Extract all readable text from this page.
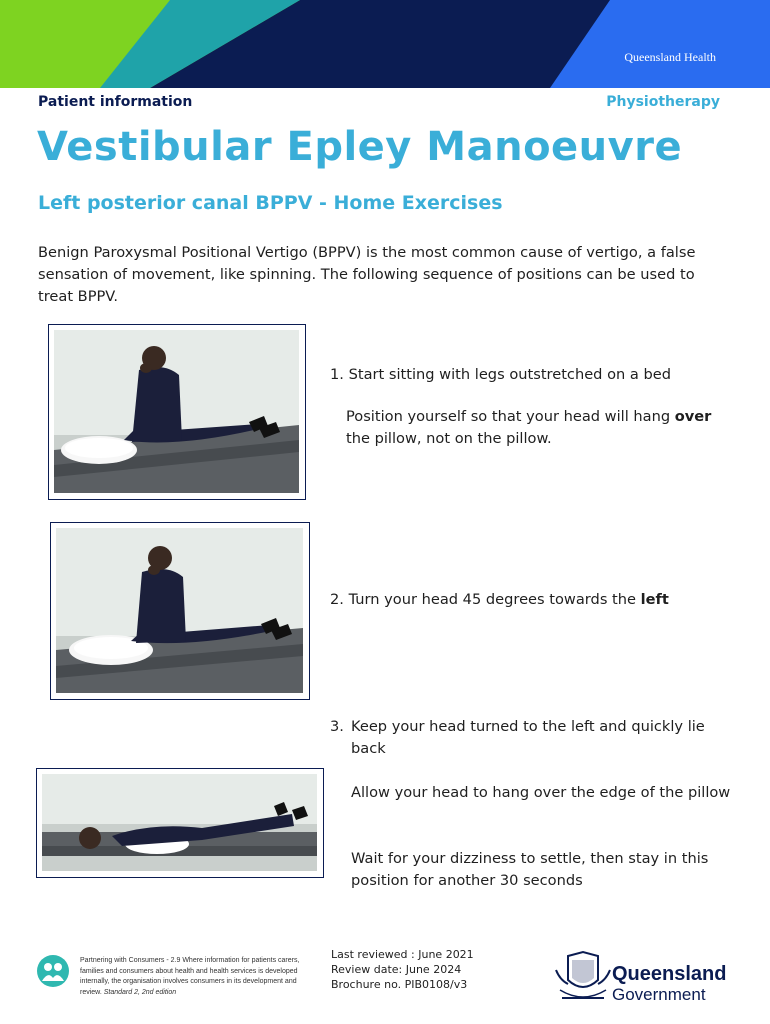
Queensland Health
Patient information	Physiotherapy
Vestibular Epley Manoeuvre
Left posterior canal BPPV - Home Exercises

Benign Paroxysmal Positional Vertigo (BPPV) is the most common cause of vertigo, a false sensation of movement, like spinning. The following sequence of positions can be used to treat BPPV.

1. Start sitting with legs outstretched on a bed
Position yourself so that your head will hang over the pillow, not on the pillow.
2. Turn your head 45 degrees towards the left
3. Keep your head turned to the left and quickly lie back
Allow your head to hang over the edge of the pillow
Wait for your dizziness to settle, then stay in this position for another 30 seconds
Partnering with Consumers - 2.9 Where information for patients carers, families and consumers about health and health services is developed internally, the organisation involves consumers in its development and review. Standard 2, 2nd edition
Last reviewed : June 2021
Review date: June 2024
Brochure no. PIB0108/v3	Queensland
Government
